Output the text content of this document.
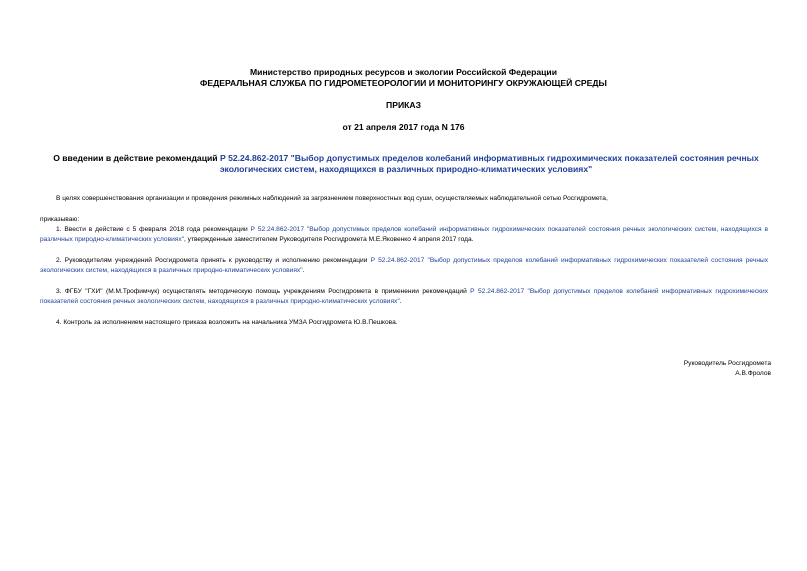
Министерство природных ресурсов и экологии Российской Федерации
ФЕДЕРАЛЬНАЯ СЛУЖБА ПО ГИДРОМЕТЕОРОЛОГИИ И МОНИТОРИНГУ ОКРУЖАЮЩЕЙ СРЕДЫ
ПРИКАЗ
от 21 апреля 2017 года N 176
О введении в действие рекомендаций Р 52.24.862-2017 "Выбор допустимых пределов колебаний информативных гидрохимических показателей состояния речных экологических систем, находящихся в различных природно-климатических условиях"
В целях совершенствования организации и проведения режимных наблюдений за загрязнением поверхностных вод суши, осуществляемых наблюдательной сетью Росгидромета,
приказываю:
1. Ввести в действие с 5 февраля 2018 года рекомендации Р 52.24.862-2017 "Выбор допустимых пределов колебаний информативных гидрохимических показателей состояния речных экологических систем, находящихся в различных природно-климатических условиях", утвержденные заместителем Руководителя Росгидромета М.Е.Яковенко 4 апреля 2017 года.
2. Руководителям учреждений Росгидромета принять к руководству и исполнению рекомендации Р 52.24.862-2017 "Выбор допустимых пределов колебаний информативных гидрохимических показателей состояния речных экологических систем, находящихся в различных природно-климатических условиях".
3. ФГБУ "ГХИ" (М.М.Трофимчук) осуществлять методическую помощь учреждениям Росгидромета в применении рекомендаций Р 52.24.862-2017 "Выбор допустимых пределов колебаний информативных гидрохимических показателей состояния речных экологических систем, находящихся в различных природно-климатических условиях".
4. Контроль за исполнением настоящего приказа возложить на начальника УМЗА Росгидромета Ю.В.Пешкова.
Руководитель Росгидромета
А.В.Фролов
